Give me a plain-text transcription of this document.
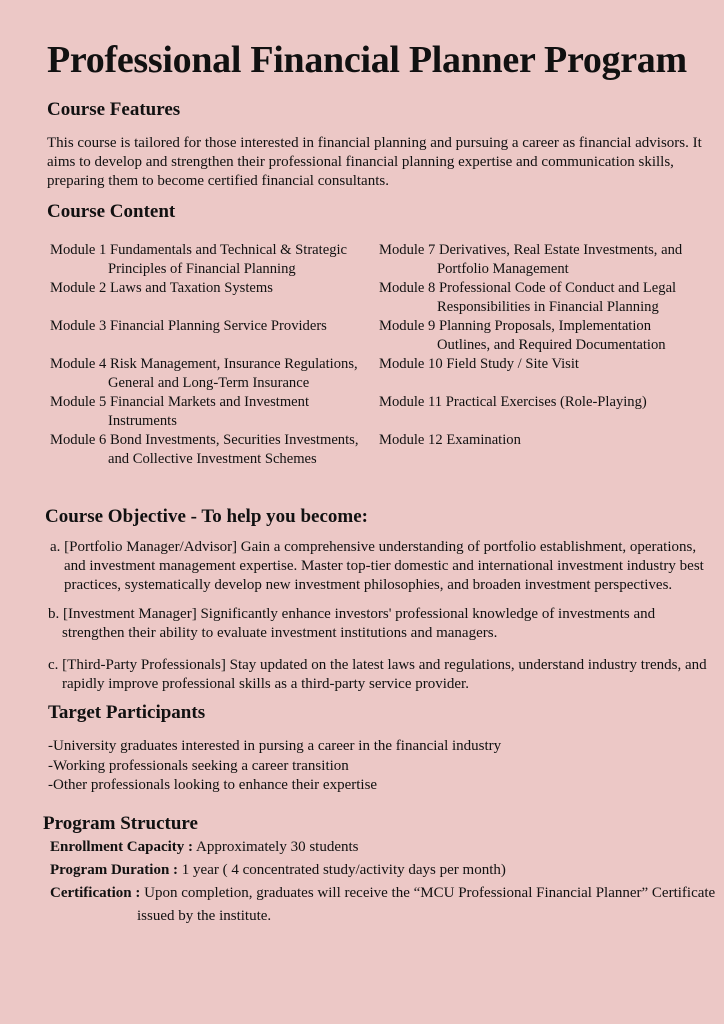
Professional Financial Planner Program
Course Features

This course is tailored for those interested in financial planning and pursuing a career as financial advisors. It aims to develop and strengthen their professional financial planning expertise and communication skills, preparing them to become certified financial consultants.

Course Content
Module 1 Fundamentals and Technical & Strategic
Principles of Financial Planning
Module 2 Laws and Taxation Systems
Module 3 Financial Planning Service Providers
Module 4 Risk Management, Insurance Regulations,
General and Long-Term Insurance
Module 5 Financial Markets and Investment
Instruments
Module 6 Bond Investments, Securities Investments,
and Collective Investment Schemes
Module 7 Derivatives, Real Estate Investments, and
Portfolio Management
Module 8 Professional Code of Conduct and Legal
Responsibilities in Financial Planning
Module 9 Planning Proposals, Implementation
Outlines, and Required Documentation
Module 10 Field Study / Site Visit
Module 11 Practical Exercises (Role-Playing)
Module 12 Examination
Course Objective - To help you become:

a. [Portfolio Manager/Advisor] Gain a comprehensive understanding of portfolio establishment, operations, and investment management expertise. Master top-tier domestic and international investment industry best practices, systematically develop new investment philosophies, and broaden investment perspectives.

b. [Investment Manager] Significantly enhance investors' professional knowledge of investments and strengthen their ability to evaluate investment institutions and managers.

c. [Third-Party Professionals] Stay updated on the latest laws and regulations, understand industry trends, and rapidly improve professional skills as a third-party service provider.

Target Participants
-University graduates interested in pursing a career in the financial industry
-Working professionals seeking a career transition
-Other professionals looking to enhance their expertise
Program Structure
Enrollment Capacity : Approximately 30 students
Program Duration : 1 year ( 4 concentrated study/activity days per month)
Certification : Upon completion, graduates will receive the “MCU Professional Financial Planner” Certificate
issued by the institute.
